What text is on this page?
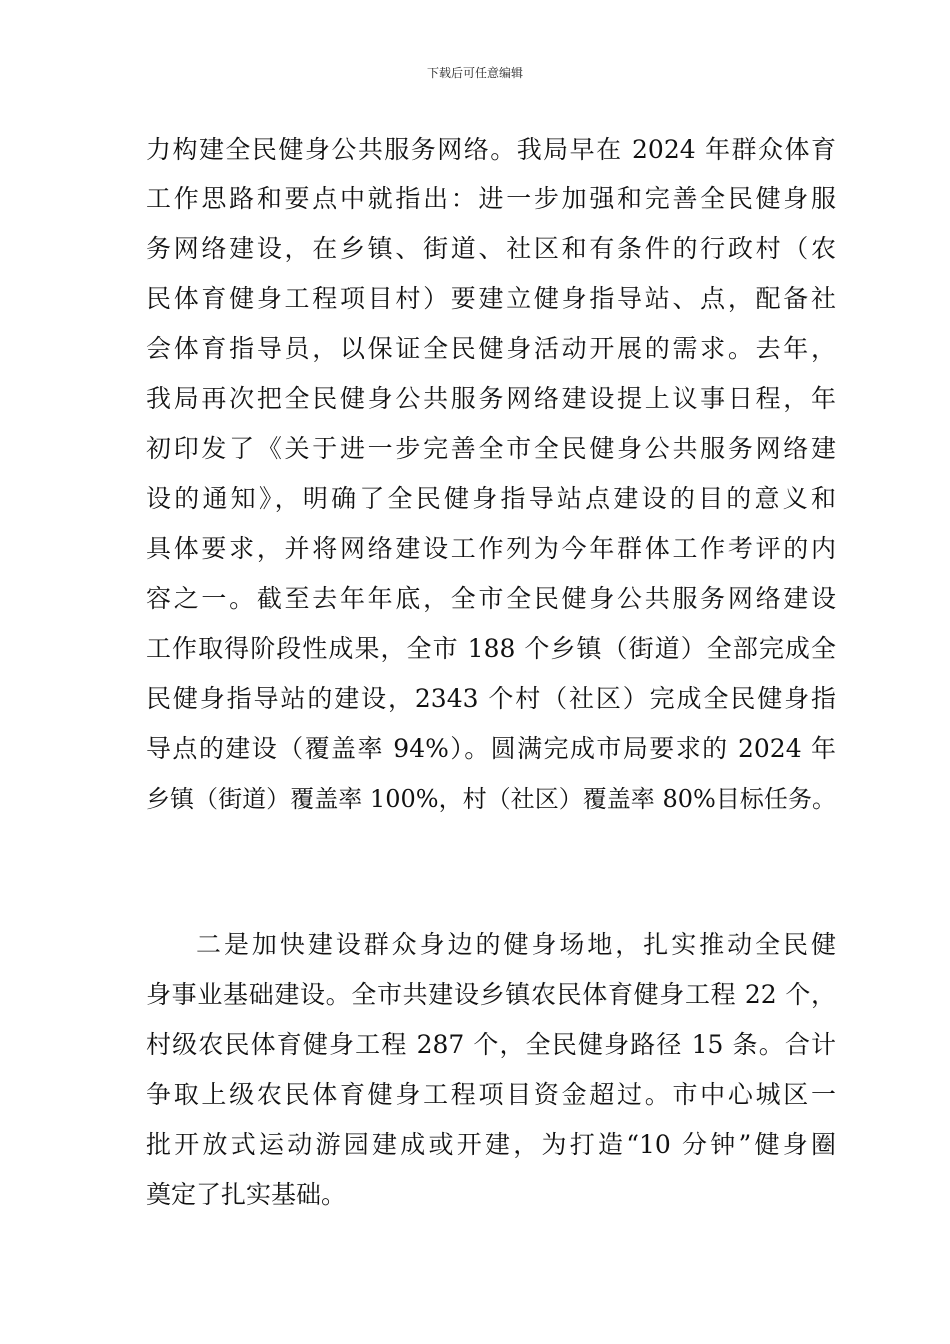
下载后可任意编辑
力构建全民健身公共服务网络。我局早在 2024 年群众体育
工作思路和要点中就指出：进一步加强和完善全民健身服
务网络建设，在乡镇、街道、社区和有条件的行政村（农
民体育健身工程项目村）要建立健身指导站、点，配备社
会体育指导员，以保证全民健身活动开展的需求。去年，
我局再次把全民健身公共服务网络建设提上议事日程，年
初印发了《关于进一步完善全市全民健身公共服务网络建
设的通知》，明确了全民健身指导站点建设的目的意义和
具体要求，并将网络建设工作列为今年群体工作考评的内
容之一。截至去年年底，全市全民健身公共服务网络建设
工作取得阶段性成果，全市 188 个乡镇（街道）全部完成全
民健身指导站的建设，2343 个村（社区）完成全民健身指
导点的建设（覆盖率 94%）。圆满完成市局要求的 2024 年
乡镇（街道）覆盖率 100%，村（社区）覆盖率 80%目标任务。
二是加快建设群众身边的健身场地，扎实推动全民健
身事业基础建设。全市共建设乡镇农民体育健身工程 22 个，
村级农民体育健身工程 287 个，全民健身路径 15 条。合计
争取上级农民体育健身工程项目资金超过。市中心城区一
批开放式运动游园建成或开建，为打造“10 分钟”健身圈
奠定了扎实基础。
